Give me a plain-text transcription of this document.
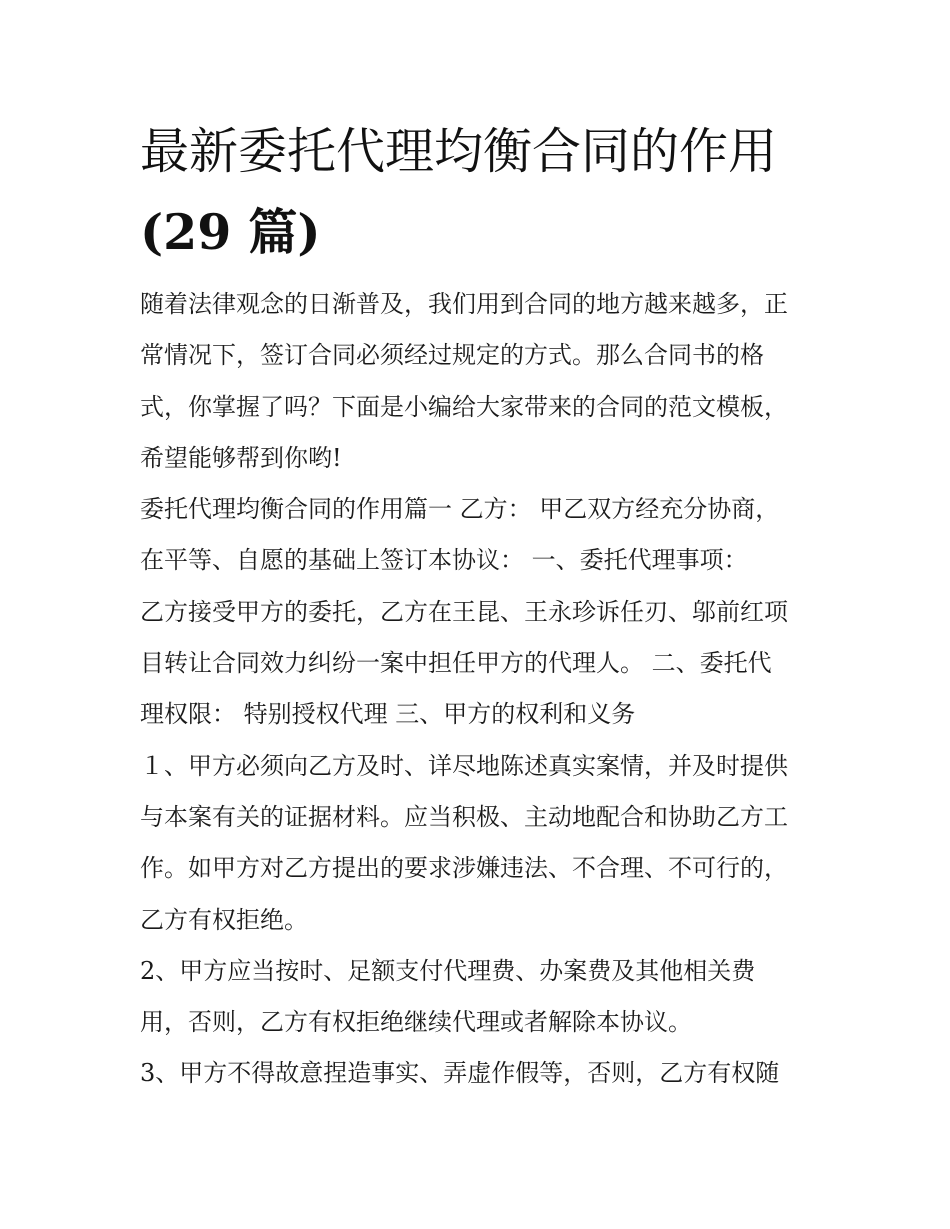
最新委托代理均衡合同的作用
(29 篇)
随着法律观念的日渐普及，我们用到合同的地方越来越多，正
常情况下，签订合同必须经过规定的方式。那么合同书的格
式，你掌握了吗？下面是小编给大家带来的合同的范文模板，
希望能够帮到你哟!
委托代理均衡合同的作用篇一 乙方： 甲乙双方经充分协商，
在平等、自愿的基础上签订本协议： 一、委托代理事项：
乙方接受甲方的委托，乙方在王昆、王永珍诉任刃、邬前红项
目转让合同效力纠纷一案中担任甲方的代理人。 二、委托代
理权限： 特别授权代理 三、甲方的权利和义务
１、甲方必须向乙方及时、详尽地陈述真实案情，并及时提供
与本案有关的证据材料。应当积极、主动地配合和协助乙方工
作。如甲方对乙方提出的要求涉嫌违法、不合理、不可行的，
乙方有权拒绝。
2、甲方应当按时、足额支付代理费、办案费及其他相关费
用，否则，乙方有权拒绝继续代理或者解除本协议。
3、甲方不得故意捏造事实、弄虚作假等，否则，乙方有权随
